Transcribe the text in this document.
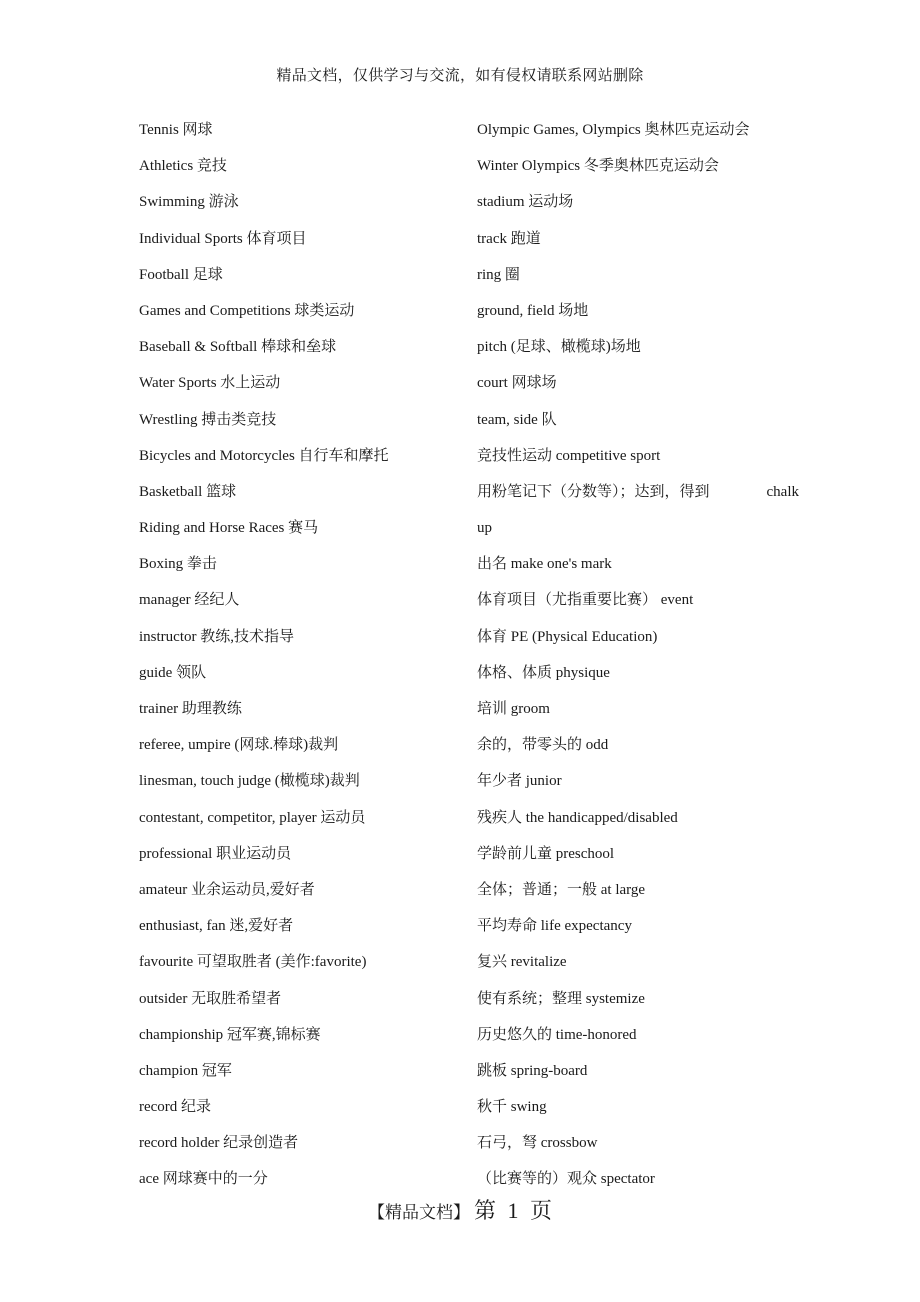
精品文档，仅供学习与交流，如有侵权请联系网站删除
Tennis 网球
Athletics 竞技
Swimming 游泳
Individual Sports 体育项目
Football 足球
Games and Competitions 球类运动
Baseball & Softball 棒球和垒球
Water Sports 水上运动
Wrestling 搏击类竞技
Bicycles and Motorcycles 自行车和摩托
Basketball 篮球
Riding and Horse Races 赛马
Boxing 拳击
manager 经纪人
instructor 教练,技术指导
guide 领队
trainer 助理教练
referee, umpire (网球.棒球)裁判
linesman, touch judge (橄榄球)裁判
contestant, competitor, player 运动员
professional 职业运动员
amateur 业余运动员,爱好者
enthusiast, fan 迷,爱好者
favourite 可望取胜者 (美作:favorite)
outsider 无取胜希望者
championship 冠军赛,锦标赛
champion 冠军
record 纪录
record holder 纪录创造者
ace 网球赛中的一分
Olympic Games, Olympics 奥林匹克运动会
Winter Olympics 冬季奥林匹克运动会
stadium 运动场
track 跑道
ring 圈
ground, field 场地
pitch (足球、橄榄球)场地
court 网球场
team, side 队
竞技性运动 competitive sport
用粉笔记下（分数等）；达到，得到	chalk
up
出名 make one's mark
体育项目（尤指重要比赛） event
体育 PE (Physical Education)
体格、体质 physique
培训 groom
余的，带零头的 odd
年少者 junior
残疾人 the handicapped/disabled
学龄前儿童 preschool
全体；普通；一般 at large
平均寿命 life expectancy
复兴 revitalize
使有系统；整理 systemize
历史悠久的 time-honored
跳板 spring-board
秋千 swing
石弓，弩 crossbow
（比赛等的）观众 spectator
【精品文档】 第 1 页
